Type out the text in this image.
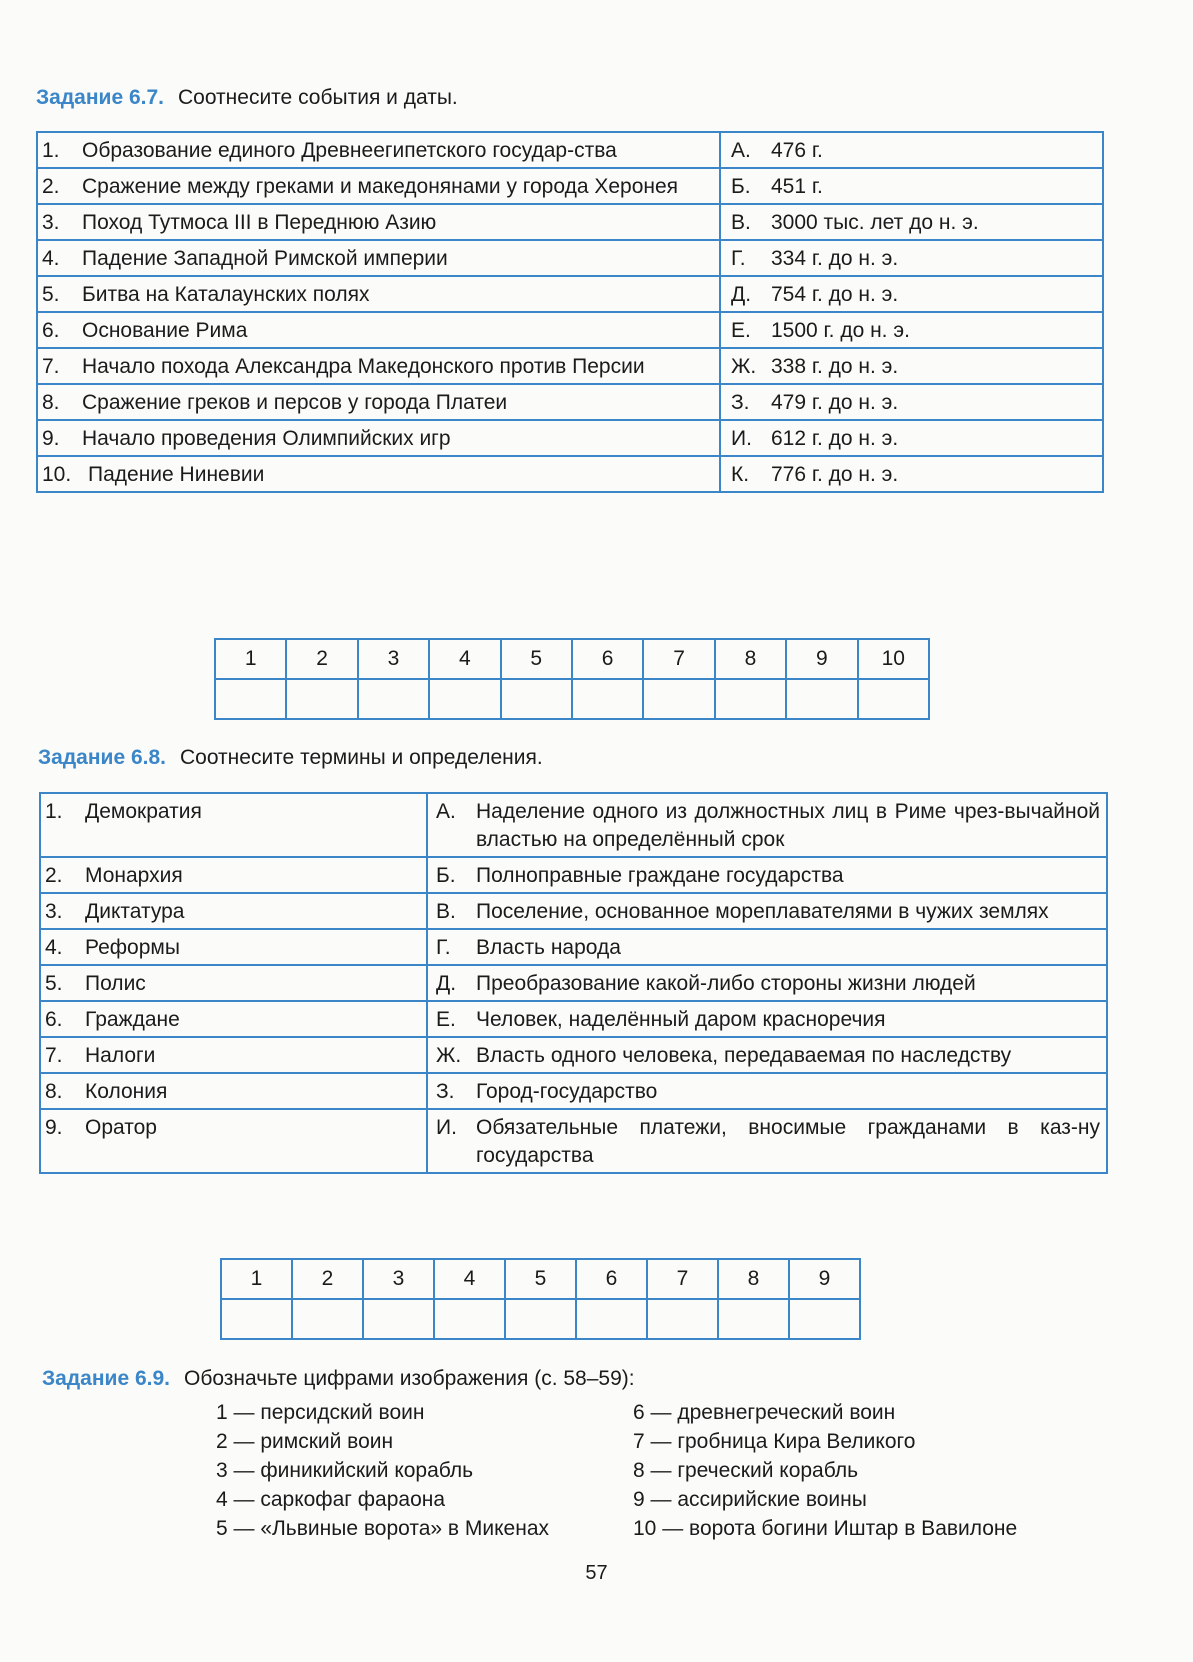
Задание 6.7. Соотнесите события и даты.
1. Образование единого Древнеегипетского государ-ства	А. 476 г.

2. Сражение между греками и македонянами у города Херонея	Б. 451 г.

3. Поход Тутмоса III в Переднюю Азию	В. 3000 тыс. лет до н. э.

4. Падение Западной Римской империи	Г. 334 г. до н. э.

5. Битва на Каталаунских полях	Д. 754 г. до н. э.

6. Основание Рима	Е. 1500 г. до н. э.

7. Начало похода Александра Македонского против Персии	Ж. 338 г. до н. э.

8. Сражение греков и персов у города Платеи	З. 479 г. до н. э.

9. Начало проведения Олимпийских игр	И. 612 г. до н. э.

10. Падение Ниневии	К. 776 г. до н. э.
1	2	3	4	5	6	7	8	9	10

Задание 6.8. Соотнесите термины и определения.
1. Демократия	А. Наделение одного из должностных лиц в Риме чрез-вычайной властью на определённый срок

2. Монархия	Б. Полноправные граждане государства

3. Диктатура	В. Поселение, основанное мореплавателями в чужих землях

4. Реформы	Г. Власть народа

5. Полис	Д. Преобразование какой-либо стороны жизни людей

6. Граждане	Е. Человек, наделённый даром красноречия

7. Налоги	Ж. Власть одного человека, передаваемая по наследству

8. Колония	З. Город-государство

9. Оратор	И. Обязательные платежи, вносимые гражданами в каз-ну государства
1	2	3	4	5	6	7	8	9

Задание 6.9. Обозначьте цифрами изображения (с. 58–59):
1 — персидский воин
2 — римский воин
3 — финикийский корабль
4 — саркофаг фараона
5 — «Львиные ворота» в Микенах
6 — древнегреческий воин
7 — гробница Кира Великого
8 — греческий корабль
9 — ассирийские воины
10 — ворота богини Иштар в Вавилоне
57
